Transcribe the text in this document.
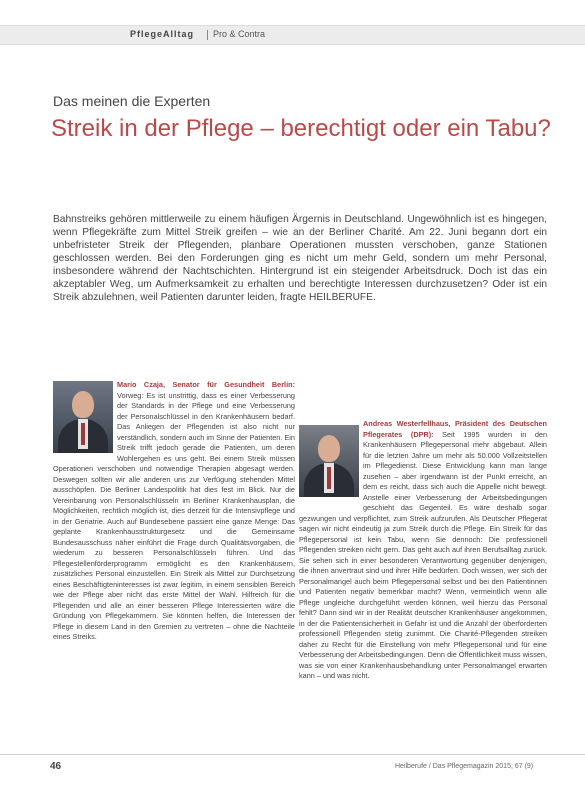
PflegeAlltag Pro & Contra
Das meinen die Experten
Streik in der Pflege – berechtigt oder ein Tabu?

Bahnstreiks gehören mittlerweile zu einem häufigen Ärgernis in Deutschland. Ungewöhnlich ist es hingegen, wenn Pflegekräfte zum Mittel Streik greifen – wie an der Berliner Charité. Am 22. Juni begann dort ein unbefristeter Streik der Pflegenden, planbare Operationen mussten verschoben, ganze Stationen geschlossen werden. Bei den Forderungen ging es nicht um mehr Geld, sondern um mehr Personal, insbesondere während der Nachtschichten. Hintergrund ist ein steigender Arbeitsdruck. Doch ist das ein akzeptabler Weg, um Aufmerksamkeit zu erhalten und berechtigte Interessen durchzusetzen? Oder ist ein Streik abzulehnen, weil Patienten darunter leiden, fragte HEILBERUFE.

Mario Czaja, Senator für Gesundheit Berlin: Vorweg: Es ist unstrittig, dass es einer Verbesserung der Standards in der Pflege und eine Verbesserung der Personalschlüssel in den Krankenhäusern bedarf. Das Anliegen der Pflegenden ist also nicht nur verständlich, sondern auch im Sinne der Patienten. Ein Streik trifft jedoch gerade die Patienten, um deren Wohlergehen es uns geht. Bei einem Streik müssen Operationen verschoben und notwendige Therapien abgesagt werden. Deswegen sollten wir alle anderen uns zur Verfügung stehenden Mittel ausschöpfen. Die Berliner Landespolitik hat dies fest im Blick. Nur die Vereinbarung von Personalschlüsseln im Berliner Krankenhausplan, die Möglichkeiten, rechtlich möglich ist, dies derzeit für die Intensivpflege und in der Geriatrie. Auch auf Bundesebene passiert eine ganze Menge: Das geplante Krankenhausstrukturgesetz und die Gemeinsame Bundesausschuss näher einführt die Frage durch Qualitätsvorgaben, die wiederum zu besseren Personalschlüsseln führen. Und das Pflegestellenförderprogramm ermöglicht es den Krankenhäusern, zusätzliches Personal einzustellen. Ein Streik als Mittel zur Durchsetzung eines Beschäftigteninteresses ist zwar legitim, in einem sensiblen Bereich wie der Pflege aber nicht das erste Mittel der Wahl. Hilfreich für die Pflegenden und alle an einer besseren Pflege Interessierten wäre die Gründung von Pflegekammern. Sie könnten helfen, die Interessen der Pflege in diesem Land in den Gremien zu vertreten – ohne die Nachteile eines Streiks.

Andreas Westerfellhaus, Präsident des Deutschen Pflegerates (DPR): Seit 1995 wurden in den Krankenhäusern Pflegepersonal mehr abgebaut. Allein für die letzten Jahre um mehr als 50.000 Vollzeitstellen im Pflegedienst. Diese Entwicklung kann man lange zusehen – aber irgendwann ist der Punkt erreicht, an dem es reicht, dass sich auch die Appelle nicht bewegt. Anstelle einer Verbesserung der Arbeitsbedingungen geschieht das Gegenteil. Es wäre deshalb sogar gezwungen und verpflichtet, zum Streik aufzurufen. Als Deutscher Pflegerat sagen wir nicht eindeutig ja zum Streik durch die Pflege. Ein Streik für das Pflegepersonal ist kein Tabu, wenn Sie dennoch: Die professionell Pflegenden streiken nicht gern. Das geht auch auf ihren Berufsalltag zurück. Sie sehen sich in einer besonderen Verantwortung gegenüber denjenigen, die ihnen anvertraut sind und ihrer Hilfe bedürfen. Doch wissen, wer sich der Personalmangel auch beim Pflegepersonal selbst und bei den Patientinnen und Patienten negativ bemerkbar macht? Wenn, vermeintlich wenn alle Pflege ungleiche durchgeführt werden können, weil hierzu das Personal fehlt? Dann sind wir in der Realität deutscher Krankenhäuser angekommen, in der die Patientensicherheit in Gefahr ist und die Anzahl der überforderten professionell Pflegenden stetig zunimmt. Die Charité-Pflegenden streiken daher zu Recht für die Einstellung von mehr Pflegepersonal und für eine Verbesserung der Arbeitsbedingungen. Denn die Öffentlichkeit muss wissen, was sie von einer Krankenhausbehandlung unter Personalmangel erwarten kann – und was nicht.

46	Heilberufe / Das Pflegemagazin 2015; 67 (9)
